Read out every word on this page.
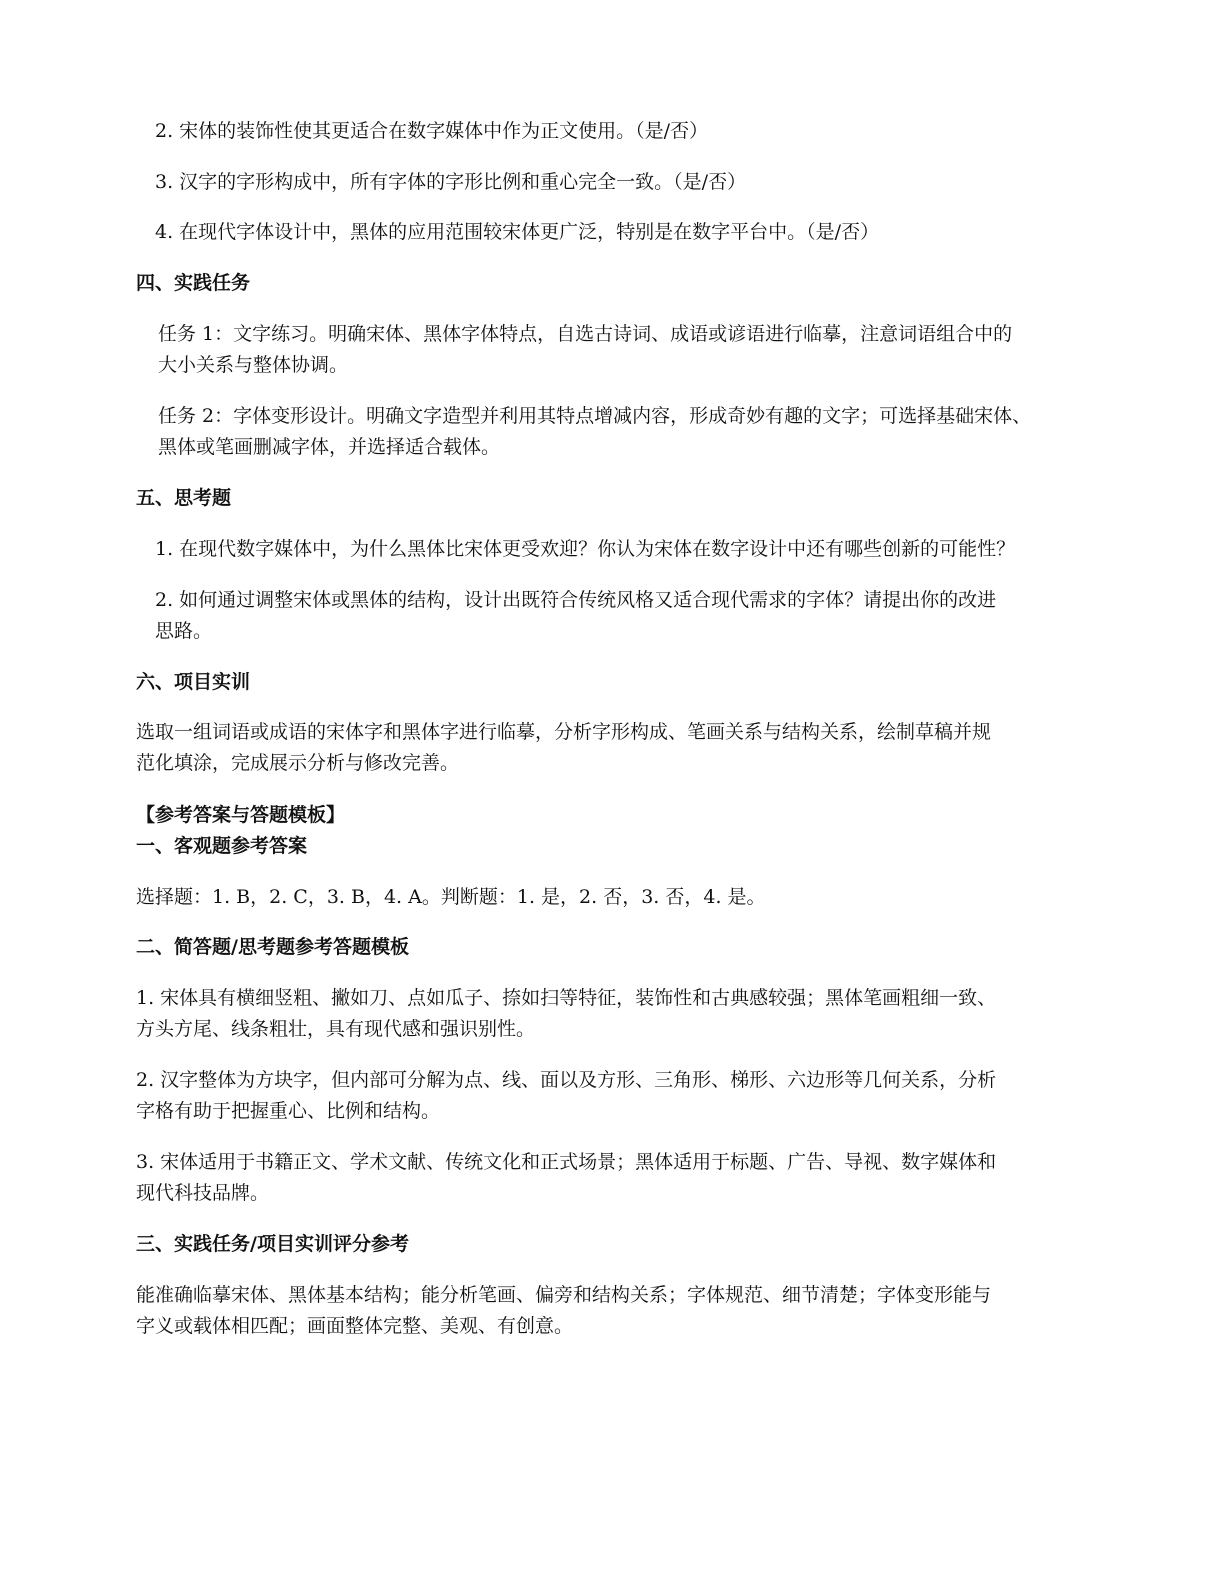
2. 宋体的装饰性使其更适合在数字媒体中作为正文使用。（是/否）
3. 汉字的字形构成中，所有字体的字形比例和重心完全一致。（是/否）
4. 在现代字体设计中，黑体的应用范围较宋体更广泛，特别是在数字平台中。（是/否）
四、实践任务
任务 1：文字练习。明确宋体、黑体字体特点，自选古诗词、成语或谚语进行临摹，注意词语组合中的
大小关系与整体协调。
任务 2：字体变形设计。明确文字造型并利用其特点增减内容，形成奇妙有趣的文字；可选择基础宋体、
黑体或笔画删减字体，并选择适合载体。
五、思考题
1. 在现代数字媒体中，为什么黑体比宋体更受欢迎？你认为宋体在数字设计中还有哪些创新的可能性？
2. 如何通过调整宋体或黑体的结构，设计出既符合传统风格又适合现代需求的字体？请提出你的改进
思路。
六、项目实训
选取一组词语或成语的宋体字和黑体字进行临摹，分析字形构成、笔画关系与结构关系，绘制草稿并规
范化填涂，完成展示分析与修改完善。
【参考答案与答题模板】
一、客观题参考答案
选择题：1. B，2. C，3. B，4. A。判断题：1. 是，2. 否，3. 否，4. 是。
二、简答题/思考题参考答题模板
1. 宋体具有横细竖粗、撇如刀、点如瓜子、捺如扫等特征，装饰性和古典感较强；黑体笔画粗细一致、
方头方尾、线条粗壮，具有现代感和强识别性。
2. 汉字整体为方块字，但内部可分解为点、线、面以及方形、三角形、梯形、六边形等几何关系，分析
字格有助于把握重心、比例和结构。
3. 宋体适用于书籍正文、学术文献、传统文化和正式场景；黑体适用于标题、广告、导视、数字媒体和
现代科技品牌。
三、实践任务/项目实训评分参考
能准确临摹宋体、黑体基本结构；能分析笔画、偏旁和结构关系；字体规范、细节清楚；字体变形能与
字义或载体相匹配；画面整体完整、美观、有创意。
